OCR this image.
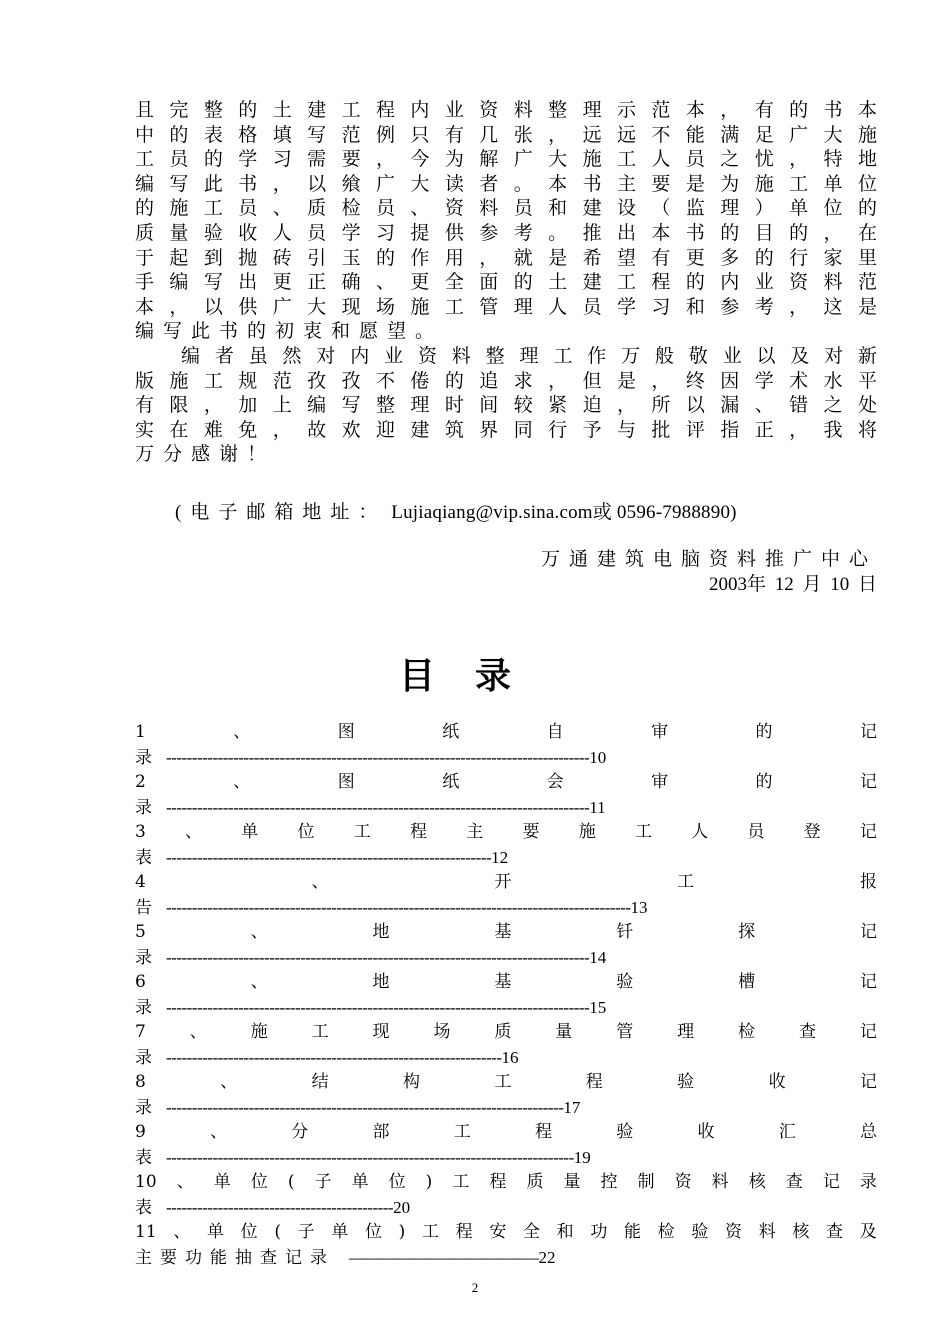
且完整的土建工程内业资料整理示范本，有的书本
中的表格填写范例只有几张，远远不能满足广大施
工员的学习需要，今为解广大施工人员之忧，特地
编写此书，以飨广大读者。本书主要是为施工单位
的施工员、质检员、资料员和建设（监理）单位的
质量验收人员学习提供参考。推出本书的目的，在
于起到抛砖引玉的作用，就是希望有更多的行家里
手编写出更正确、更全面的土建工程的内业资料范
本，以供广大现场施工管理人员学习和参考，这是
编写此书的初衷和愿望。
编者虽然对内业资料整理工作万般敬业以及对新
版施工规范孜孜不倦的追求，但是，终因学术水平
有限，加上编写整理时间较紧迫，所以漏、错之处
实在难免，故欢迎建筑界同行予与批评指正，我将
万分感谢！
(电子邮箱地址： Lujiaqiang@vip.sina.com或 0596-7988890)
万通建筑电脑资料推广中心
2003年 12 月 10 日
目录
1	、	图	纸	自	审	的	记
录 ----------------------------------------------------------------------------------10
2	、	图	纸	会	审	的	记
录 ----------------------------------------------------------------------------------11
3 、 单 位 工 程 主 要 施 工 人 员 登 记
表 ---------------------------------------------------------------12
4	、	开	工	报
告 ------------------------------------------------------------------------------------------13
5	、	地	基	钎	探	记
录 ----------------------------------------------------------------------------------14
6	、	地	基	验	槽	记
录 ----------------------------------------------------------------------------------15
7	、	施	工	现	场	质	量	管	理	检	查	记
录 -----------------------------------------------------------------16
8	、	结	构	工	程	验	收	记
录 -----------------------------------------------------------------------------17
9	、	分	部	工	程	验	收	汇	总
表 -------------------------------------------------------------------------------19
10 、 单 位 ( 子 单 位 ) 工 程 质 量 控 制 资 料 核 查 记 录
表 --------------------------------------------20
11 、 单 位 ( 子 单 位 ) 工 程 安 全 和 功 能 检 验 资 料 核 查 及
主要功能抽查记录 ———————————–22
2
